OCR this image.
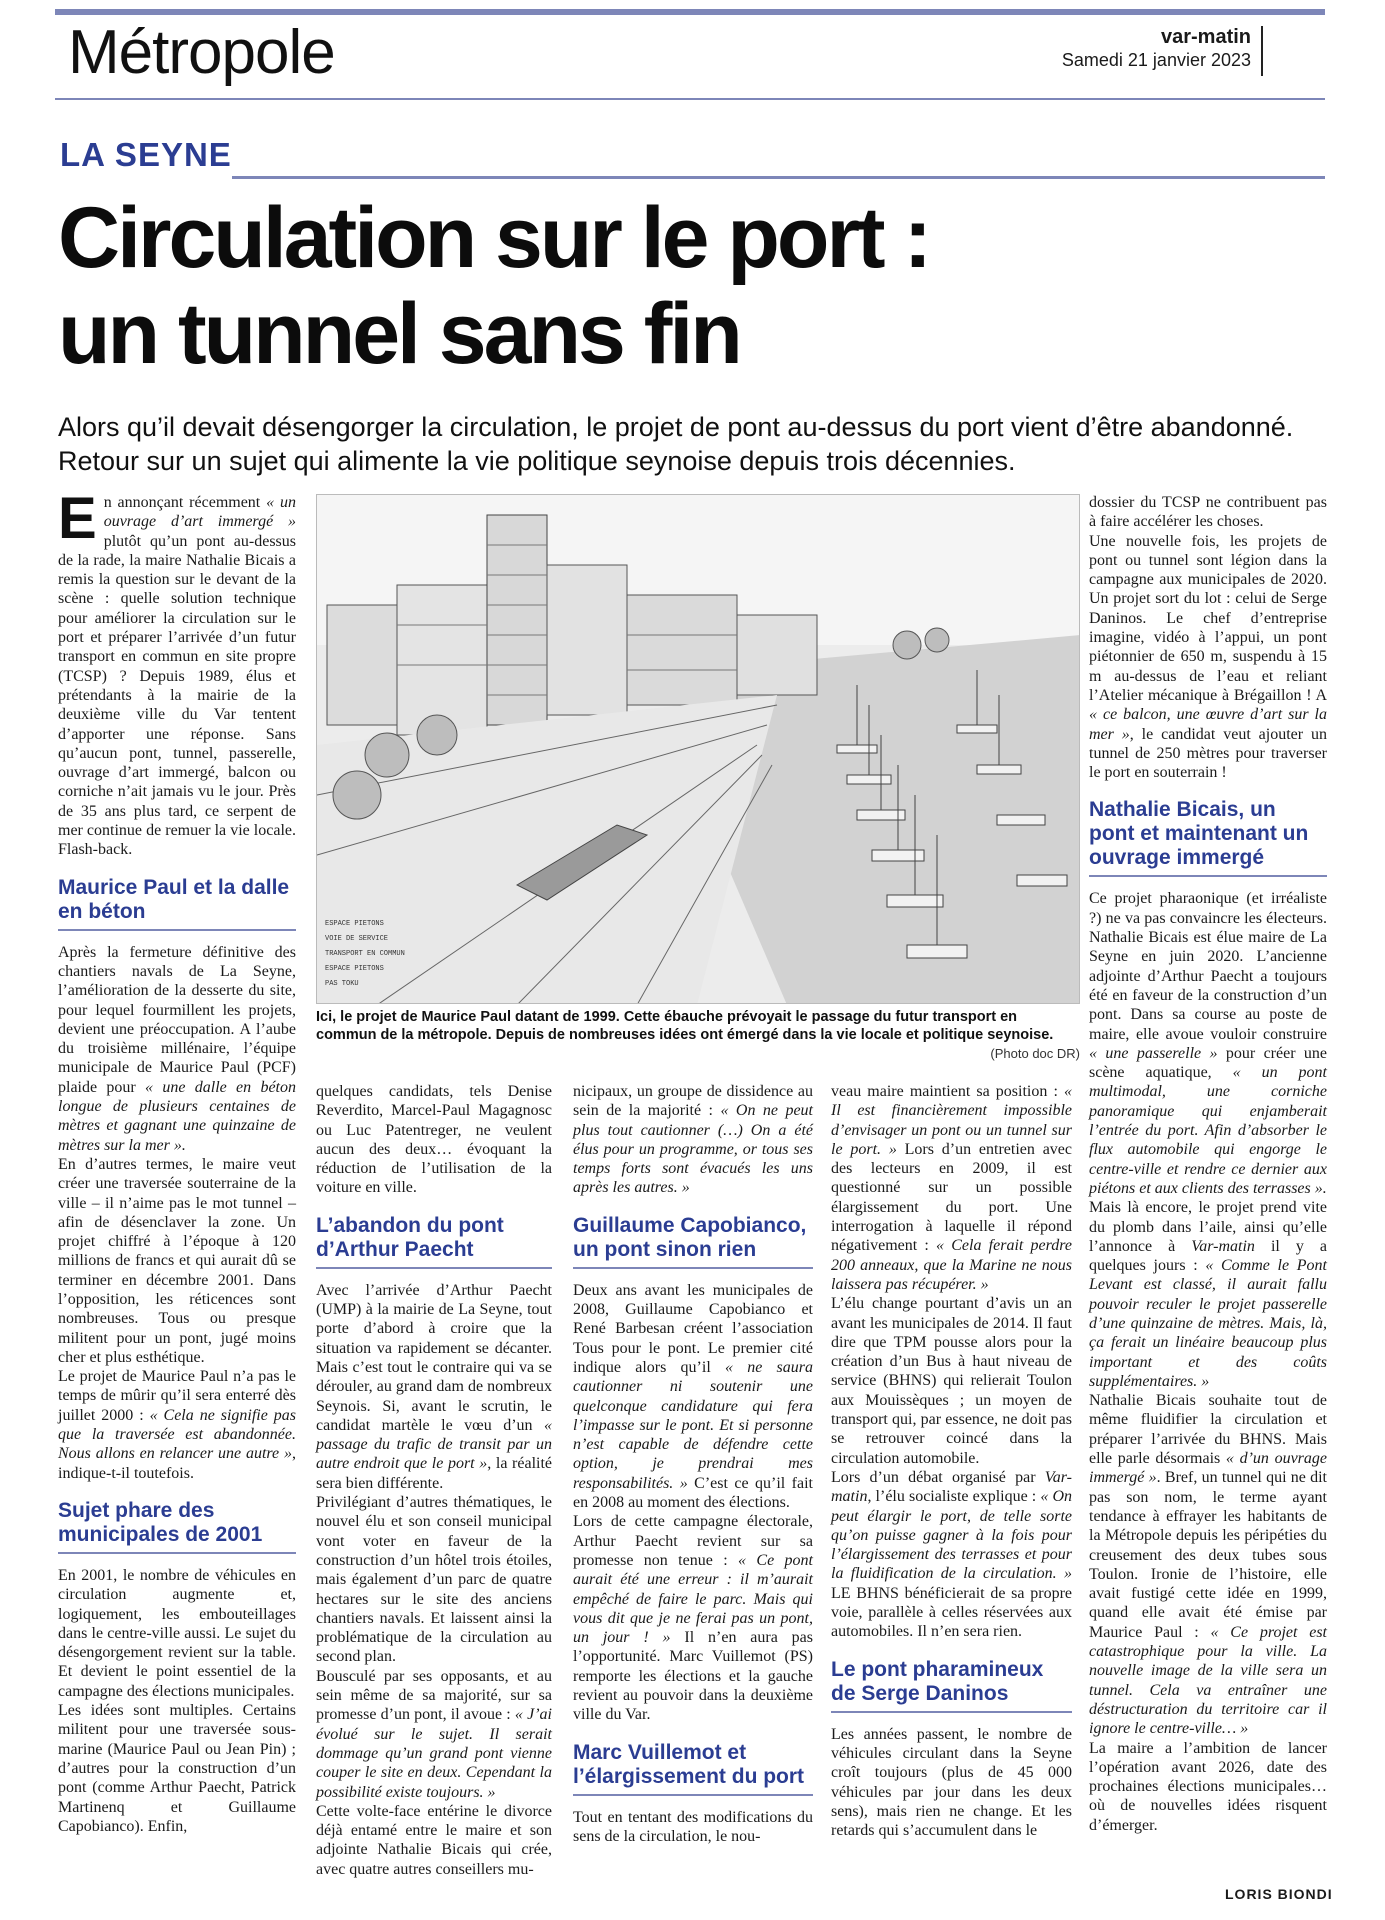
Métropole	var-matin
Samedi 21 janvier 2023
LA SEYNE
Circulation sur le port :
un tunnel sans fin

Alors qu’il devait désengorger la circulation, le projet de pont au-dessus du port vient d’être abandonné. Retour sur un sujet qui alimente la vie politique seynoise depuis trois décennies.

En annonçant récemment « un ouvrage d’art immergé » plutôt qu’un pont au-dessus de la rade, la maire Nathalie Bicais a remis la question sur le devant de la scène : quelle solution technique pour améliorer la circulation sur le port et préparer l’arrivée d’un futur transport en commun en site propre (TCSP) ? Depuis 1989, élus et prétendants à la mairie de la deuxième ville du Var tentent d’apporter une réponse. Sans qu’aucun pont, tunnel, passerelle, ouvrage d’art immergé, balcon ou corniche n’ait jamais vu le jour. Près de 35 ans plus tard, ce serpent de mer continue de remuer la vie locale. Flash-back.

Maurice Paul et la dalle en béton

Après la fermeture définitive des chantiers navals de La Seyne, l’amélioration de la desserte du site, pour lequel fourmillent les projets, devient une préoccupation. A l’aube du troisième millénaire, l’équipe municipale de Maurice Paul (PCF) plaide pour « une dalle en béton longue de plusieurs centaines de mètres et gagnant une quinzaine de mètres sur la mer ».

En d’autres termes, le maire veut créer une traversée souterraine de la ville – il n’aime pas le mot tunnel – afin de désenclaver la zone. Un projet chiffré à l’époque à 120 millions de francs et qui aurait dû se terminer en décembre 2001. Dans l’opposition, les réticences sont nombreuses. Tous ou presque militent pour un pont, jugé moins cher et plus esthétique.

Le projet de Maurice Paul n’a pas le temps de mûrir qu’il sera enterré dès juillet 2000 : « Cela ne signifie pas que la traversée est abandonnée. Nous allons en relancer une autre », indique-t-il toutefois.

Sujet phare des municipales de 2001

En 2001, le nombre de véhicules en circulation augmente et, logiquement, les embouteillages dans le centre-ville aussi. Le sujet du désengorgement revient sur la table. Et devient le point essentiel de la campagne des élections municipales.

Les idées sont multiples. Certains militent pour une traversée sous-marine (Maurice Paul ou Jean Pin) ; d’autres pour la construction d’un pont (comme Arthur Paecht, Patrick Martinenq et Guillaume Capobianco). Enfin,

ESPACE PIETONS
VOIE DE SERVICE
TRANSPORT EN COMMUN
ESPACE PIETONS
PAS TOKU

Ici, le projet de Maurice Paul datant de 1999. Cette ébauche prévoyait le passage du futur transport en commun de la métropole. Depuis de nombreuses idées ont émergé dans la vie locale et politique seynoise.

(Photo doc DR)

quelques candidats, tels Denise Reverdito, Marcel-Paul Magagnosc ou Luc Patentreger, ne veulent aucun des deux… évoquant la réduction de l’utilisation de la voiture en ville.

L’abandon du pont d’Arthur Paecht

Avec l’arrivée d’Arthur Paecht (UMP) à la mairie de La Seyne, tout porte d’abord à croire que la situation va rapidement se décanter. Mais c’est tout le contraire qui va se dérouler, au grand dam de nombreux Seynois. Si, avant le scrutin, le candidat martèle le vœu d’un « passage du trafic de transit par un autre endroit que le port », la réalité sera bien différente.

Privilégiant d’autres thématiques, le nouvel élu et son conseil municipal vont voter en faveur de la construction d’un hôtel trois étoiles, mais également d’un parc de quatre hectares sur le site des anciens chantiers navals. Et laissent ainsi la problématique de la circulation au second plan.

Bousculé par ses opposants, et au sein même de sa majorité, sur sa promesse d’un pont, il avoue : « J’ai évolué sur le sujet. Il serait dommage qu’un grand pont vienne couper le site en deux. Cependant la possibilité existe toujours. »

Cette volte-face entérine le divorce déjà entamé entre le maire et son adjointe Nathalie Bicais qui crée, avec quatre autres conseillers mu-

nicipaux, un groupe de dissidence au sein de la majorité : « On ne peut plus tout cautionner (…) On a été élus pour un programme, or tous ses temps forts sont évacués les uns après les autres. »

Guillaume Capobianco, un pont sinon rien

Deux ans avant les municipales de 2008, Guillaume Capobianco et René Barbesan créent l’association Tous pour le pont. Le premier cité indique alors qu’il « ne saura cautionner ni soutenir une quelconque candidature qui fera l’impasse sur le pont. Et si personne n’est capable de défendre cette option, je prendrai mes responsabilités. » C’est ce qu’il fait en 2008 au moment des élections.

Lors de cette campagne électorale, Arthur Paecht revient sur sa promesse non tenue : « Ce pont aurait été une erreur : il m’aurait empêché de faire le parc. Mais qui vous dit que je ne ferai pas un pont, un jour ! » Il n’en aura pas l’opportunité. Marc Vuillemot (PS) remporte les élections et la gauche revient au pouvoir dans la deuxième ville du Var.

Marc Vuillemot et l’élargissement du port

Tout en tentant des modifications du sens de la circulation, le nou-

veau maire maintient sa position : « Il est financièrement impossible d’envisager un pont ou un tunnel sur le port. » Lors d’un entretien avec des lecteurs en 2009, il est questionné sur un possible élargissement du port. Une interrogation à laquelle il répond négativement : « Cela ferait perdre 200 anneaux, que la Marine ne nous laissera pas récupérer. »

L’élu change pourtant d’avis un an avant les municipales de 2014. Il faut dire que TPM pousse alors pour la création d’un Bus à haut niveau de service (BHNS) qui relierait Toulon aux Mouissèques ; un moyen de transport qui, par essence, ne doit pas se retrouver coincé dans la circulation automobile.

Lors d’un débat organisé par Var-matin, l’élu socialiste explique : « On peut élargir le port, de telle sorte qu’on puisse gagner à la fois pour l’élargissement des terrasses et pour la fluidification de la circulation. » LE BHNS bénéficierait de sa propre voie, parallèle à celles réservées aux automobiles. Il n’en sera rien.

Le pont pharamineux de Serge Daninos

Les années passent, le nombre de véhicules circulant dans la Seyne croît toujours (plus de 45 000 véhicules par jour dans les deux sens), mais rien ne change. Et les retards qui s’accumulent dans le

dossier du TCSP ne contribuent pas à faire accélérer les choses.

Une nouvelle fois, les projets de pont ou tunnel sont légion dans la campagne aux municipales de 2020. Un projet sort du lot : celui de Serge Daninos. Le chef d’entreprise imagine, vidéo à l’appui, un pont piétonnier de 650 m, suspendu à 15 m au-dessus de l’eau et reliant l’Atelier mécanique à Brégaillon ! A « ce balcon, une œuvre d’art sur la mer », le candidat veut ajouter un tunnel de 250 mètres pour traverser le port en souterrain !

Nathalie Bicais, un pont et maintenant un ouvrage immergé

Ce projet pharaonique (et irréaliste ?) ne va pas convaincre les électeurs. Nathalie Bicais est élue maire de La Seyne en juin 2020. L’ancienne adjointe d’Arthur Paecht a toujours été en faveur de la construction d’un pont. Dans sa course au poste de maire, elle avoue vouloir construire « une passerelle » pour créer une scène aquatique, « un pont multimodal, une corniche panoramique qui enjamberait l’entrée du port. Afin d’absorber le flux automobile qui engorge le centre-ville et rendre ce dernier aux piétons et aux clients des terrasses ».

Mais là encore, le projet prend vite du plomb dans l’aile, ainsi qu’elle l’annonce à Var-matin il y a quelques jours : « Comme le Pont Levant est classé, il aurait fallu pouvoir reculer le projet passerelle d’une quinzaine de mètres. Mais, là, ça ferait un linéaire beaucoup plus important et des coûts supplémentaires. »

Nathalie Bicais souhaite tout de même fluidifier la circulation et préparer l’arrivée du BHNS. Mais elle parle désormais « d’un ouvrage immergé ». Bref, un tunnel qui ne dit pas son nom, le terme ayant tendance à effrayer les habitants de la Métropole depuis les péripéties du creusement des deux tubes sous Toulon. Ironie de l’histoire, elle avait fustigé cette idée en 1999, quand elle avait été émise par Maurice Paul : « Ce projet est catastrophique pour la ville. La nouvelle image de la ville sera un tunnel. Cela va entraîner une déstructuration du territoire car il ignore le centre-ville… »

La maire a l’ambition de lancer l’opération avant 2026, date des prochaines élections municipales… où de nouvelles idées risquent d’émerger.

LORIS BIONDI
